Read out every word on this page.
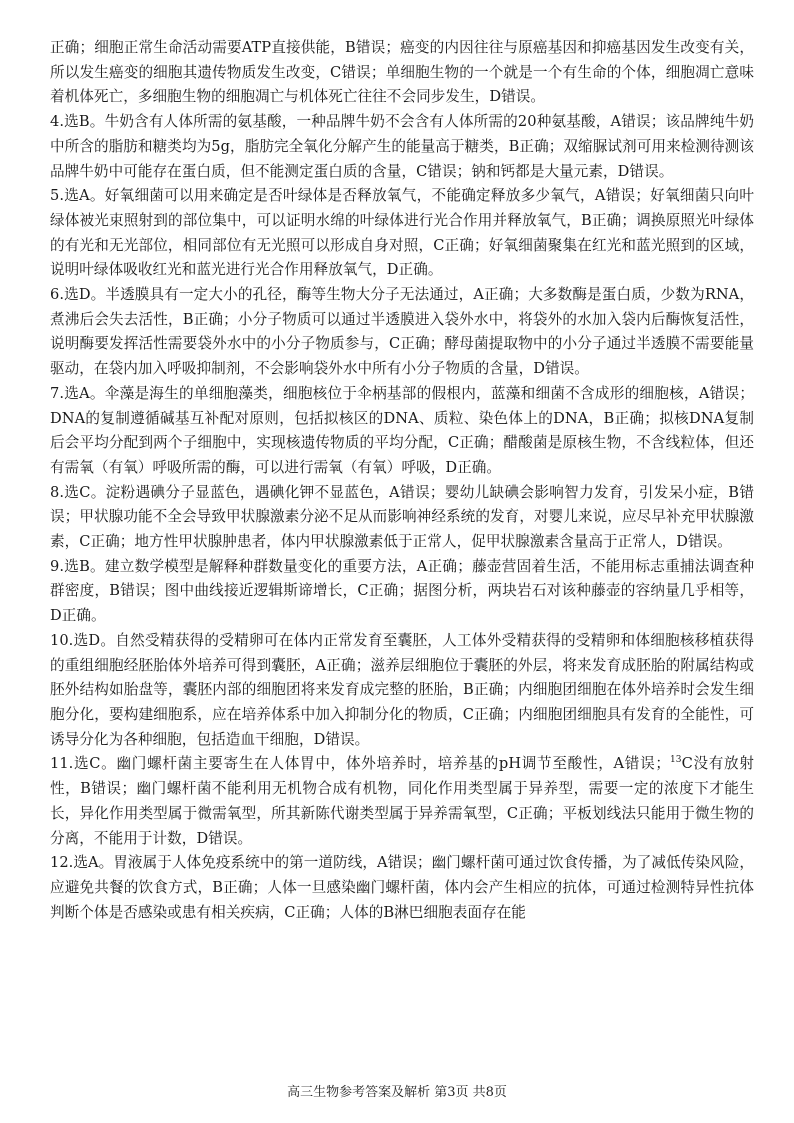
正确；细胞正常生命活动需要ATP直接供能，B错误；癌变的内因往往与原癌基因和抑癌基因发生改变有关，所以发生癌变的细胞其遗传物质发生改变，C错误；单细胞生物的一个就是一个有生命的个体，细胞凋亡意味着机体死亡，多细胞生物的细胞凋亡与机体死亡往往不会同步发生，D错误。

4.选B。牛奶含有人体所需的氨基酸，一种品牌牛奶不会含有人体所需的20种氨基酸，A错误；该品牌纯牛奶中所含的脂肪和糖类均为5g，脂肪完全氧化分解产生的能量高于糖类，B正确；双缩脲试剂可用来检测待测该品牌牛奶中可能存在蛋白质，但不能测定蛋白质的含量，C错误；钠和钙都是大量元素，D错误。

5.选A。好氧细菌可以用来确定是否叶绿体是否释放氧气，不能确定释放多少氧气，A错误；好氧细菌只向叶绿体被光束照射到的部位集中，可以证明水绵的叶绿体进行光合作用并释放氧气，B正确；调换原照光叶绿体的有光和无光部位，相同部位有无光照可以形成自身对照，C正确；好氧细菌聚集在红光和蓝光照到的区域，说明叶绿体吸收红光和蓝光进行光合作用释放氧气，D正确。

6.选D。半透膜具有一定大小的孔径，酶等生物大分子无法通过，A正确；大多数酶是蛋白质，少数为RNA，煮沸后会失去活性，B正确；小分子物质可以通过半透膜进入袋外水中，将袋外的水加入袋内后酶恢复活性，说明酶要发挥活性需要袋外水中的小分子物质参与，C正确；酵母菌提取物中的小分子通过半透膜不需要能量驱动，在袋内加入呼吸抑制剂，不会影响袋外水中所有小分子物质的含量，D错误。

7.选A。伞藻是海生的单细胞藻类，细胞核位于伞柄基部的假根内，蓝藻和细菌不含成形的细胞核，A错误；DNA的复制遵循碱基互补配对原则，包括拟核区的DNA、质粒、染色体上的DNA，B正确；拟核DNA复制后会平均分配到两个子细胞中，实现核遗传物质的平均分配，C正确；醋酸菌是原核生物，不含线粒体，但还有需氧（有氧）呼吸所需的酶，可以进行需氧（有氧）呼吸，D正确。

8.选C。淀粉遇碘分子显蓝色，遇碘化钾不显蓝色，A错误；婴幼儿缺碘会影响智力发育，引发呆小症，B错误；甲状腺功能不全会导致甲状腺激素分泌不足从而影响神经系统的发育，对婴儿来说，应尽早补充甲状腺激素，C正确；地方性甲状腺肿患者，体内甲状腺激素低于正常人，促甲状腺激素含量高于正常人，D错误。

9.选B。建立数学模型是解释种群数量变化的重要方法，A正确；藤壶营固着生活，不能用标志重捕法调查种群密度，B错误；图中曲线接近逻辑斯谛增长，C正确；据图分析，两块岩石对该种藤壶的容纳量几乎相等，D正确。

10.选D。自然受精获得的受精卵可在体内正常发育至囊胚，人工体外受精获得的受精卵和体细胞核移植获得的重组细胞经胚胎体外培养可得到囊胚，A正确；滋养层细胞位于囊胚的外层，将来发育成胚胎的附属结构或胚外结构如胎盘等，囊胚内部的细胞团将来发育成完整的胚胎，B正确；内细胞团细胞在体外培养时会发生细胞分化，要构建细胞系，应在培养体系中加入抑制分化的物质，C正确；内细胞团细胞具有发育的全能性，可诱导分化为各种细胞，包括造血干细胞，D错误。

11.选C。幽门螺杆菌主要寄生在人体胃中，体外培养时，培养基的pH调节至酸性，A错误；$^{13}$C没有放射性，B错误；幽门螺杆菌不能利用无机物合成有机物，同化作用类型属于异养型，需要一定的浓度下才能生长，异化作用类型属于微需氧型，所其新陈代谢类型属于异养需氧型，C正确；平板划线法只能用于微生物的分离，不能用于计数，D错误。

12.选A。胃液属于人体免疫系统中的第一道防线，A错误；幽门螺杆菌可通过饮食传播，为了减低传染风险，应避免共餐的饮食方式，B正确；人体一旦感染幽门螺杆菌，体内会产生相应的抗体，可通过检测特异性抗体判断个体是否感染或患有相关疾病，C正确；人体的B淋巴细胞表面存在能

高三生物参考答案及解析 第3页 共8页
